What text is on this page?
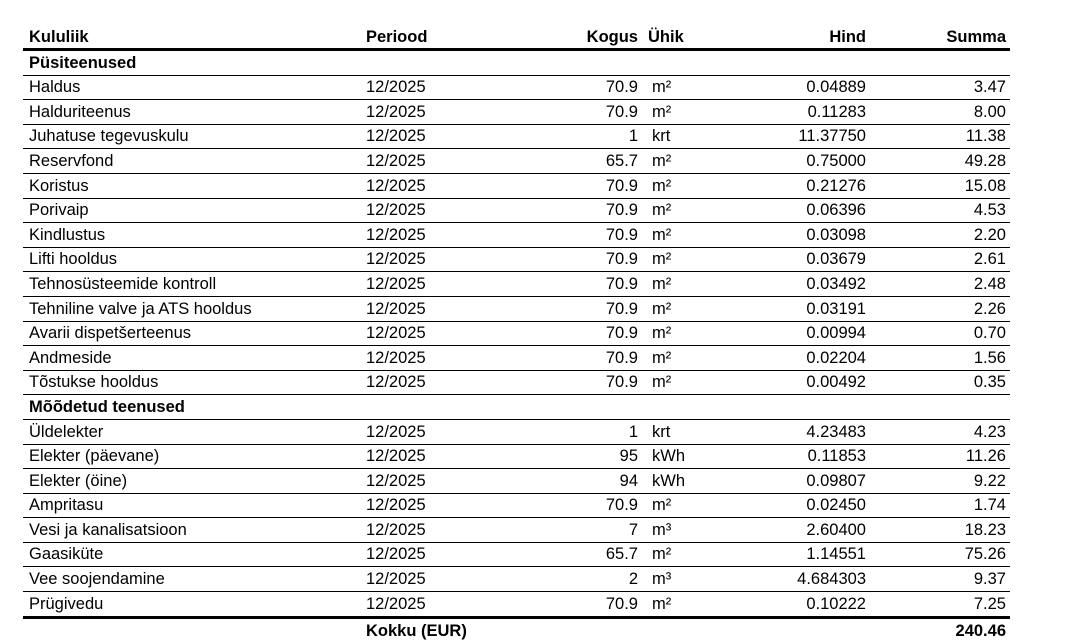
Kululiik	Periood	Kogus	Ühik	Hind	Summa
Püsiteenused					
Haldus	12/2025	70.9	m²	0.04889	3.47
Halduriteenus	12/2025	70.9	m²	0.11283	8.00
Juhatuse tegevuskulu	12/2025	1	krt	11.37750	11.38
Reservfond	12/2025	65.7	m²	0.75000	49.28
Koristus	12/2025	70.9	m²	0.21276	15.08
Porivaip	12/2025	70.9	m²	0.06396	4.53
Kindlustus	12/2025	70.9	m²	0.03098	2.20
Lifti hooldus	12/2025	70.9	m²	0.03679	2.61
Tehnosüsteemide kontroll	12/2025	70.9	m²	0.03492	2.48
Tehniline valve ja ATS hooldus	12/2025	70.9	m²	0.03191	2.26
Avarii dispetšerteenus	12/2025	70.9	m²	0.00994	0.70
Andmeside	12/2025	70.9	m²	0.02204	1.56
Tõstukse hooldus	12/2025	70.9	m²	0.00492	0.35
Mõõdetud teenused					
Üldelekter	12/2025	1	krt	4.23483	4.23
Elekter (päevane)	12/2025	95	kWh	0.11853	11.26
Elekter (öine)	12/2025	94	kWh	0.09807	9.22
Ampritasu	12/2025	70.9	m²	0.02450	1.74
Vesi ja kanalisatsioon	12/2025	7	m³	2.60400	18.23
Gaasiküte	12/2025	65.7	m²	1.14551	75.26
Vee soojendamine	12/2025	2	m³	4.684303	9.37
Prügivedu	12/2025	70.9	m²	0.10222	7.25
	Kokku (EUR)				240.46
